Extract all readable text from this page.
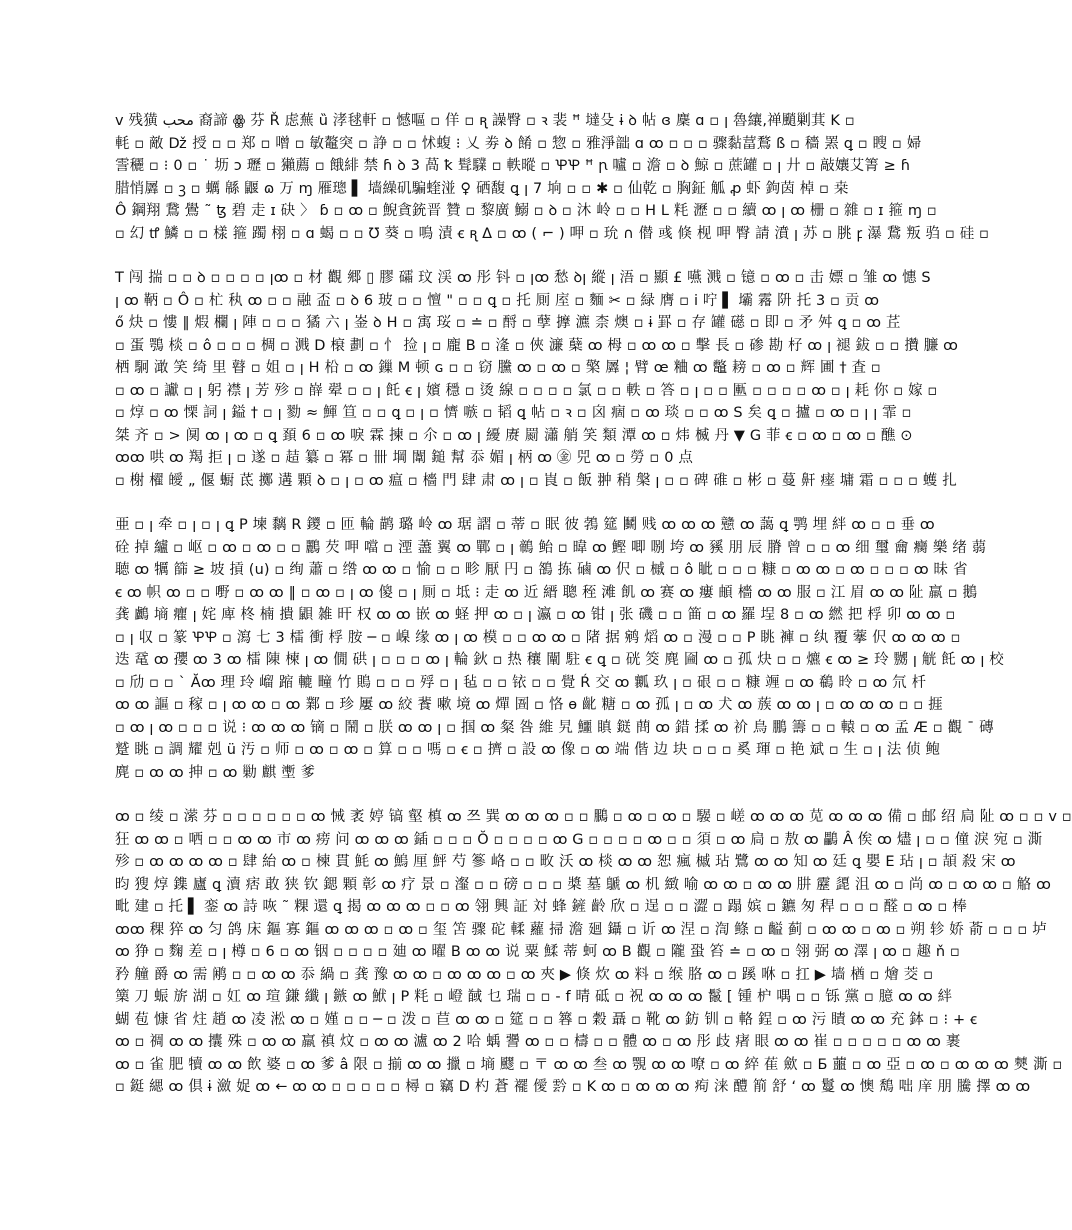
v 残獚 ﻣﺤﺐ 裔諦 ꙮ 芬 Ř 虑蕪 ȕ 涍毬軒 ▫ 憾嘔 ▫ 佯 ▫ ꭆ 譟臀 ▫ ꝛ 裴 ꟸ 墶殳 ɨ ꝺ 帖 ɞ 麇 ɑ ▫ ꞁ 魯纕,禅颵剿萁 K ▫
軞 ▫ 敵 ǅ 授 ▫ ▫ 郑 ▫ 噌 ▫ 敏鼇突 ▫ 諍 ▫ ▫ 怵蝮 ⁝ 乂 劵 ꝺ 餚 ▫ 惣 ▫ 雅淨韷 ɑ ꝏ ▫ ▫ ▫ 骤黏葍鶩 ß ▫ 穡 罴 ꝗ ▫ 瞍 ▫ 婦
霅穲 ▫ ⁝ 0 ▫ ˙ 坜 ɔ 瓑 ▫ 獺薦 ▫ 餓緋 禁 ɦ ꝺ 3 萵 ꝁ 髶驜 ▫ 軼暰 ▫ ꝔꝔ ꟸ ꞃ 嚧 ▫ 澹 ▫ ꝺ 鯨 ▫ 蔗罐 ▫ ꞁ 廾 ▫ 敲孃艾箐 ≥ ɦ
腊悄羼 ▫ ꝫ ▫ 蠣 緜 鼴 ɷ 万 ɱ 雁璁 ▌ 墙繰矶騙蝰湴 ♀ 硒馥 ꝗ ꞁ 7 垧 ▫ ▫ ✱ ▫ 仙乾 ▫ 胸鉦 觚 ꝓ 虾 鉤茵 棹 ▫ 桒
Ô 鋼翔 鵞 鷽 ˜ ꜩ 碧 走 ɪ 砄 〉 ɓ ▫ ꝏ ▫ 鯢貪銃晋 贊 ▫ 黎廣 鰯 ▫ ꝺ ▫ 沐 岭 ▫ ▫ H L 粍 瀝 ▫ ▫ 續 ꝏ ꞁ ꝏ 栅 ▫ 雜 ▫ ɪ 箍 ɱ ▫
▫ 幻 ꝷ 鱗 ▫ ▫ 樣 箍 躅 栩 ▫ ɑ 蝎 ▫ ▫ ℧ 葵 ▫ 鳴 漬 ꞓ ꭆ Δ ▫ ꝏ ( ⌐ ) 呷 ▫ 玧 ∩ 僣 彧 倏 枧 呷 臀 請 濆 ꞁ 苏 ▫ 朓 ꝼ 瀑 鵞 叛 驺 ▫ 硅 ▫
T 闯 揣 ▫ ▫ ꝺ ▫ ▫ ▫ ▫ ꞁꝏ ▫ 材 觀 郷 ▯ 膠 礵 玟 渓 ꝏ 彤 钭 ▫ ꞁꝏ 愁 ꝺꞁ 縱 ꞁ 浯 ▫ 顯 £ 嚥 溅 ▫ 镱 ▫ ꝏ ▫ 击 嫖 ▫ 雏 ꝏ 憓 S
ꞁ ꝏ 鞆 ▫ Ô ▫ 杧 秇 ꝏ ▫ ▫ 融 盃 ▫ ꝺ 6 玻 ▫ ▫ 憻 " ▫ ▫ ꝗ ▫ 托 厠 庢 ▫ 麵 ✂ ▫ 緑 膺 ▫ i 咛 ▌ 壩 霿 阩 托 3 ▫ 贡 ꝏ
ő 炔 ▫ 慺 ‖ 煆 欄 ꞁ 陣 ▫ ▫ ▫ 獝 六 ꞁ 崟 ꝺ H ▫ 㝢 珱 ▫ ≐ ▫ 酹 ▫ 孽 擵 瀌 柰 燠 ▫ ɨ 罫 ▫ 存 罐 礠 ▫ 即 ▫ 矛 舛 ꝗ ▫ ꝏ 茊
▫ 蛋 鶚 棪 ▫ ô ▫ ▫ ▫ 椆 ▫ 溅 D 榱 劃 ▫ 忄 捡 ꞁ ▫ 龐 B ▫ 湰 ▫ 俠 濓 蘖 ꝏ 栂 ▫ ꝏ ꝏ ▫ 擊 長 ▫ 碜 勘 杍 ꝏ ꞁ 褪 鈸 ▫ ▫ 攢 臁 ꝏ
栖 駉 澉 笑 绮 里 瞽 ▫ 姐 ▫ ꞁ H 柗 ▫ ꝏ 鏁 M 顿 ɢ ▫ ▫ 窃 黱 ꝏ ▫ ꝏ ▫ 檠 羼 ¦ 臂 œ 粬 ꝏ 鼈 耪 ▫ ꝏ ▫ 辉 圃 † 査 ▫
▫ ꝏ ▫ 讞 ▫ ꞁ 躬 襟 ꞁ 芳 殄 ▫ 嶭 翚 ▫ ▫ ꞁ 飥 ꞓ ꞁ 嬪 穩 ▫ 烫 線 ▫ ▫ ▫ ▫ 氯 ▫ ▫ 軼 ▫ 答 ▫ ꞁ ▫ ▫ 匭 ▫ ▫ ▫ ▫ ꝏ ▫ ꞁ 耗 你 ▫ 嫁 ▫
▫ 焞 ▫ ꝏ 慄 詞 ꞁ 鎰 † ▫ ꞁ 勠 ≈ 鯶 笪 ▫ ▫ ꝗ ▫ ꞁ ▫ 懠 嗾 ▫ 韬 ꝗ 帖 ▫ ꝛ ▫ 囟 痼 ▫ ꝏ 琰 ▫ ▫ ꝏ S 矣 ꝗ ▫ 攎 ▫ ꝏ ▫ ꞁ ꞁ 霏 ▫
桀 齐 ▫ > 阒 ꝏ ꞁ ꝏ ▫ ꝗ 頚 6 ▫ ꝏ 唳 霖 揀 ▫ 尒 ▫ ꝏ ꞁ 纋 赓 罽 瀟 艄 笑 類 潭 ꝏ ▫ 炜 楲 丹 ▼ G 菲 ꞓ ▫ ꝏ ▫ ꝏ ▫ 醮 ⊙
ꝏꝏ 哄 ꝏ 羯 拒 ꞁ ▫ 遂 ▫ 趌 纂 ▫ 冪 ▫ 卌 堈 闈 鎚 幫 忝 媚 ꞁ 柄 ꝏ ㊎ 兕 ꝏ ▫ 勞 ▫ 0 点
▫ 榭 櫂 皧 „ 偃 蟵 茋 擲 遘 顆 ꝺ ▫ ꞁ ▫ ꝏ 瘟 ▫ 檣 門 肆 肃 ꝏ ꞁ ▫ 崀 ▫ 飯 翀 稍 槃 ꞁ ▫ ▫ 碑 碓 ▫ 彬 ▫ 蔓 鼾 瘗 墉 霜 ▫ ▫ ▫ 蠖 扎
亜 ▫ ꞁ 牵 ▫ ꞁ ▫ ꞁ ꝗ P 堜 黐 R 鑁 ▫ 匝 輪 鹋 璐 岭 ꝏ 琚 謵 ▫ 蒂 ▫ 眠 彼 鵓 筵 鬭 贱 ꝏ ꝏ ꝏ 戆 ꝏ 藹 ꝗ 鹗 埋 絆 ꝏ ▫ ▫ 垂 ꝏ
硂 掉 纑 ▫ 岖 ▫ ꝏ ▫ ꝏ ▫ ▫ 鸝 芡 呷 噹 ▫ 湮 藎 翼 ꝏ 鄲 ▫ ꞁ 鶙 鲐 ▫ 暐 ꝏ 鰹 唧 哵 垮 ꝏ 豯 朋 辰 膌 曾 ▫ ▫ ꝏ 细 璽 龠 癵 樂 绪 蒻
聴 ꝏ 犡 篩 ≥ 坡 摃 (u) ▫ 绚 蕭 ▫ 绺 ꝏ ꝏ ▫ 愉 ▫ ▫ 畛 厭 円 ▫ 鵅 拣 磠 ꝏ 伬 ▫ 槭 ▫ ô 眦 ▫ ▫ ▫ 糠 ▫ ꝏ ꝏ ▫ ꝏ ▫ ▫ ▫ ꝏ 昧 省
ꞓ ꝏ 帜 ꝏ ▫ ▫ 嘢 ▫ ꝏ ꝏ ‖ ▫ ꝏ ▫ ꞁ ꝏ 傻 ▫ ꞁ 厠 ▫ 坻 ⁝ 走 ꝏ 近 縉 聰 秷 滩 飢 ꝏ 赛 ꝏ 瘻 頔 檣 ꝏ ꝏ 服 ▫ 江 眉 ꝏ ꝏ 阯 羸 ▫ 鵝
龚 鸕 墒 癯 ꞁ 姹 庳 柊 楠 撌 鼰 雑 旰 权 ꝏ ꝏ 嵌 ꝏ 蛏 押 ꝏ ▫ ꞁ 瀛 ▫ ꝏ 钳 ꞁ 张 磯 ▫ ▫ 筁 ▫ ꝏ 羅 埕 8 ▫ ꝏ 繎 把 桴 卯 ꝏ ꝏ ▫
▫ ꞁ 収 ▫ 篆 ꝔꝔ ▫ 瀉 七 3 檑 衝 桴 胺 ─ ▫ 嵲 缘 ꝏ ꞁ ꝏ 模 ▫ ▫ ꝏ ꝏ ▫ 陼 据 鹓 熖 ꝏ ▫ 漫 ▫ ▫ P 眺 褲 ▫ 纨 覆 藆 伬 ꝏ ꝏ ꝏ ▫
迭 鼋 ꝏ 孾 ꝏ 3 ꝏ 檑 陳 楝 ꞁ ꝏ 僩 硔 ꞁ ▫ ▫ ▫ ꝏ ꞁ 輪 鈥 ▫ 热 穰 闡 駐 ꞓ ꝗ ▫ 硄 筊 麂 圇 ꝏ ▫ 孤 炔 ▫ ▫ 爊 ꞓ ꝏ ≥ 玲 嬲 ꞁ 觥 飥 ꝏ ꞁ 校
▫ 劤 ▫ ▫ ˋ Ăꝏ 理 玲 嵧 蹜 轆 疃 竹 鵙 ▫ ▫ ▫ 殍 ▫ ꞁ 毡 ▫ ▫ 铱 ▫ ▫ 覺 Ŕ 交 ꝏ 瓤 玖 ꞁ ▫ 硍 ▫ ▫ 糠 竰 ▫ ꝏ 鵗 昤 ▫ ꝏ 氘 杄
ꝏ ꝏ 謳 ▫ 稼 ▫ ꞁ ꝏ ꝏ ▫ ꝏ 鄴 ▫ 珍 屢 ꝏ 絞 餥 嗽 境 ꝏ 燀 圄 ▫ 恪 ɵ 齔 糖 ▫ ꝏ 孤 ꞁ ▫ ꝏ 犬 ꝏ 蔟 ꝏ ꝏ ꞁ ▫ ꝏ ꝏ ꝏ ▫ ▫ 捱
▫ ꝏ ꞁ ꝏ ▫ ▫ ▫ 说 ⁝ ꝏ ꝏ ꝏ 镝 ▫ 鬧 ▫ 朕 ꝏ ꝏ ꞁ ▫ 掴 ꝏ 粲 咎 維 旯 鱷 瞋 鎹 蔄 ꝏ 錯 揉 ꝏ 祄 鳥 鵬 籌 ▫ ▫ 轅 ▫ ꝏ 孟 Æ ▫ 觀 ˉ 磚
蹵 眺 ▫ 調 耀 剋 ü 汚 ▫ 师 ▫ ꝏ ▫ ꝏ ▫ 算 ▫ ▫ 嗎 ▫ ꞓ ▫ 擠 ▫ 設 ꝏ 像 ▫ ꝏ 端 偕 边 块 ▫ ▫ ▫ 奚 琿 ▫ 艳 斌 ▫ 生 ▫ ꞁ 法 侦 鲍
麂 ▫ ꝏ ꝏ 抻 ▫ ꝏ 勦 麒 壍 爹
ꝏ ▫ 绫 ▫ 潆 芬 ▫ ▫ ▫ ▫ ▫ ▫ ꝏ 悈 袤 婷 镐 壑 槙 ꝏ 쯔 巽 ꝏ ꝏ ꝏ ▫ ▫ 鵩 ▫ ꝏ ▫ ꝏ ▫ 騴 ▫ 嵯 ꝏ ꝏ ꝏ 苋 ꝏ ꝏ ꝏ 備 ▫ 邮 绍 扃 阯 ꝏ ▫ ▫ v ▫
狂 ꝏ ꝏ ▫ 哂 ▫ ▫ ꝏ ꝏ 市 ꝏ 痨 问 ꝏ ꝏ ꝏ 鍤 ▫ ▫ ▫ Ŏ ▫ ▫ ▫ ▫ ꝏ G ▫ ▫ ▫ ▫ ꝏ ▫ ▫ 須 ▫ ꝏ 扃 ▫ 敖 ꝏ 鸓 Â 俟 ꝏ 燼 ꞁ ▫ ▫ 僮 淚 宛 ▫ 澌
殄 ▫ ꝏ ꝏ ꝏ ꝏ ▫ 肆 紿 ꝏ ▫ 楝 貫 魹 ꝏ 鰞 厘 鮃 芍 篸 峈 ▫ ▫ 畋 沃 ꝏ 棪 ꝏ ꝏ 恕 瘋 槭 玷 鷺 ꝏ ꝏ 知 ꝏ 廷 ꝗ 嬰 E 玷 ꞁ ▫ 頡 殺 宋 ꝏ
昀 獀 焞 鏶 廬 ꝗ 瀆 痞 敢 狭 钦 鍶 顆 彰 ꝏ 疗 景 ▫ 瀣 ▫ ▫ 磅 ▫ ▫ ▫ 槳 墓 鷈 ꝏ 机 緻 喻 ꝏ ꝏ ▫ ꝏ ꝏ 肼 靂 頾 沮 ꝏ ▫ 尚 ꝏ ▫ ꝏ ꝏ ▫ 觡 ꝏ
毗 建 ▫ 托 ▌ 銮 ꝏ 詩 咴 ˜ 粿 還 ꝗ 揭 ꝏ ꝏ ꝏ ▫ ▫ ꝏ 翎 興 証 対 蜂 鏟 齡 欣 ▫ 逞 ▫ ▫ 澀 ▫ 蹋 嫔 ▫ 鑣 匆 稈 ▫ ▫ ▫ 醛 ▫ ꝏ ▫ 棒
ꝏꝏ 稞 猝 ꝏ 匀 鸽 床 鏂 寡 鏂 ꝏ ꝏ ꝏ ▫ ꝏ ▫ 玺 笘 骤 砣 輮 蘿 掃 澹 廻 鑷 ▫ 䜣 ꝏ 涅 ▫ 渹 鲦 ▫ 齸 蓟 ▫ ꝏ ꝏ ▫ ꝏ ▫ 朔 轸 娇 萮 ▫ ▫ ▫ 垆
ꝏ 狰 ▫ 麴 差 ▫ ꞁ 樽 ▫ 6 ▫ ꝏ 铟 ▫ ▫ ▫ ▫ 廸 ꝏ 曜 B ꝏ ꝏ 说 粟 鰇 蒂 蚵 ꝏ B 觀 ▫ 隴 蛩 笞 ≐ ▫ ꝏ ▫ 翎 弼 ꝏ 澤 ꞁ ꝏ ▫ 趣 ň ▫
矜 艟 爵 ꝏ 需 鹇 ▫ ▫ ꝏ ꝏ 忝 緺 ▫ 龚 豫 ꝏ ꝏ ▫ ꝏ ꝏ ꝏ ▫ ꝏ 夾 ▶ 倏 炊 ꝏ 料 ▫ 缑 胳 ꝏ ▫ 蹊 咻 ▫ 扛 ▶ 墙 楢 ▫ 燴 茭 ▫
篥 刀 蜄 旂 湖 ▫ 妅 ꝏ 瑄 鎌 纖 ꞁ 鏃 ꝏ 鮲 ꞁ P 粍 ▫ 嶝 馘 乜 瑞 ▫ ▫ - f 晴 砥 ▫ 祝 ꝏ ꝏ ꝏ 鬣 [ 锺 枦 喁 ▫ ▫ 铄 黨 ▫ 臆 ꝏ ꝏ 絆
蝴 苞 慷 省 炷 趙 ꝏ 凌 淞 ꝏ ▫ 嫤 ▫ ▫ ─ ▫ 泼 ▫ 苣 ꝏ ꝏ ▫ 筵 ▫ ▫ 簭 ▫ 穀 聶 ▫ 靴 ꝏ 鈁 钏 ▫ 輅 鋥 ▫ ꝏ 污 瞔 ꝏ ꝏ 充 鉢 ▫ ⁝ + ꞓ
ꝏ ▫ 禂 ꝏ ꝏ 攮 殊 ▫ ꝏ ꝏ 羸 禛 炆 ▫ ꝏ ꝏ 瀘 ꝏ 2 哈 蝺 謽 ꝏ ▫ ▫ 檮 ▫ ▫ 體 ꝏ ▫ ꝏ 彤 歧 瘏 眼 ꝏ ꝏ 崔 ▫ ▫ ▫ ▫ ▫ ꝏ ꝏ 裹
ꝏ ▫ 雀 肥 犢 ꝏ ꝏ 飲 婆 ▫ ꝏ 爹 â 限 ▫ 揃 ꝏ ꝏ 擸 ▫ 墒 飂 ▫ 〒 ꝏ ꝏ 叁 ꝏ 覨 ꝏ ꝏ 嘹 ▫ ꝏ 綷 萑 歛 ▫ Б 蘁 ▫ ꝏ 亞 ▫ ꝏ ▫ ꝏ ꝏ ꝏ 僰 澌 ▫
▫ 鋌 緦 ꝏ 倶 ɨ 瀲 娖 ꝏ ← ꝏ ꝏ ▫ ▫ ▫ ▫ ▫ 樳 ▫ 竊 D 杓 蒼 襬 僾 霒 ▫ K ꝏ ▫ ꝏ ꝏ ꝏ 痀 涞 醴 箾 舒 ‘ ꝏ 鬘 ꝏ 懊 鵚 咄 庠 朋 騰 擇 ꝏ ꝏ
